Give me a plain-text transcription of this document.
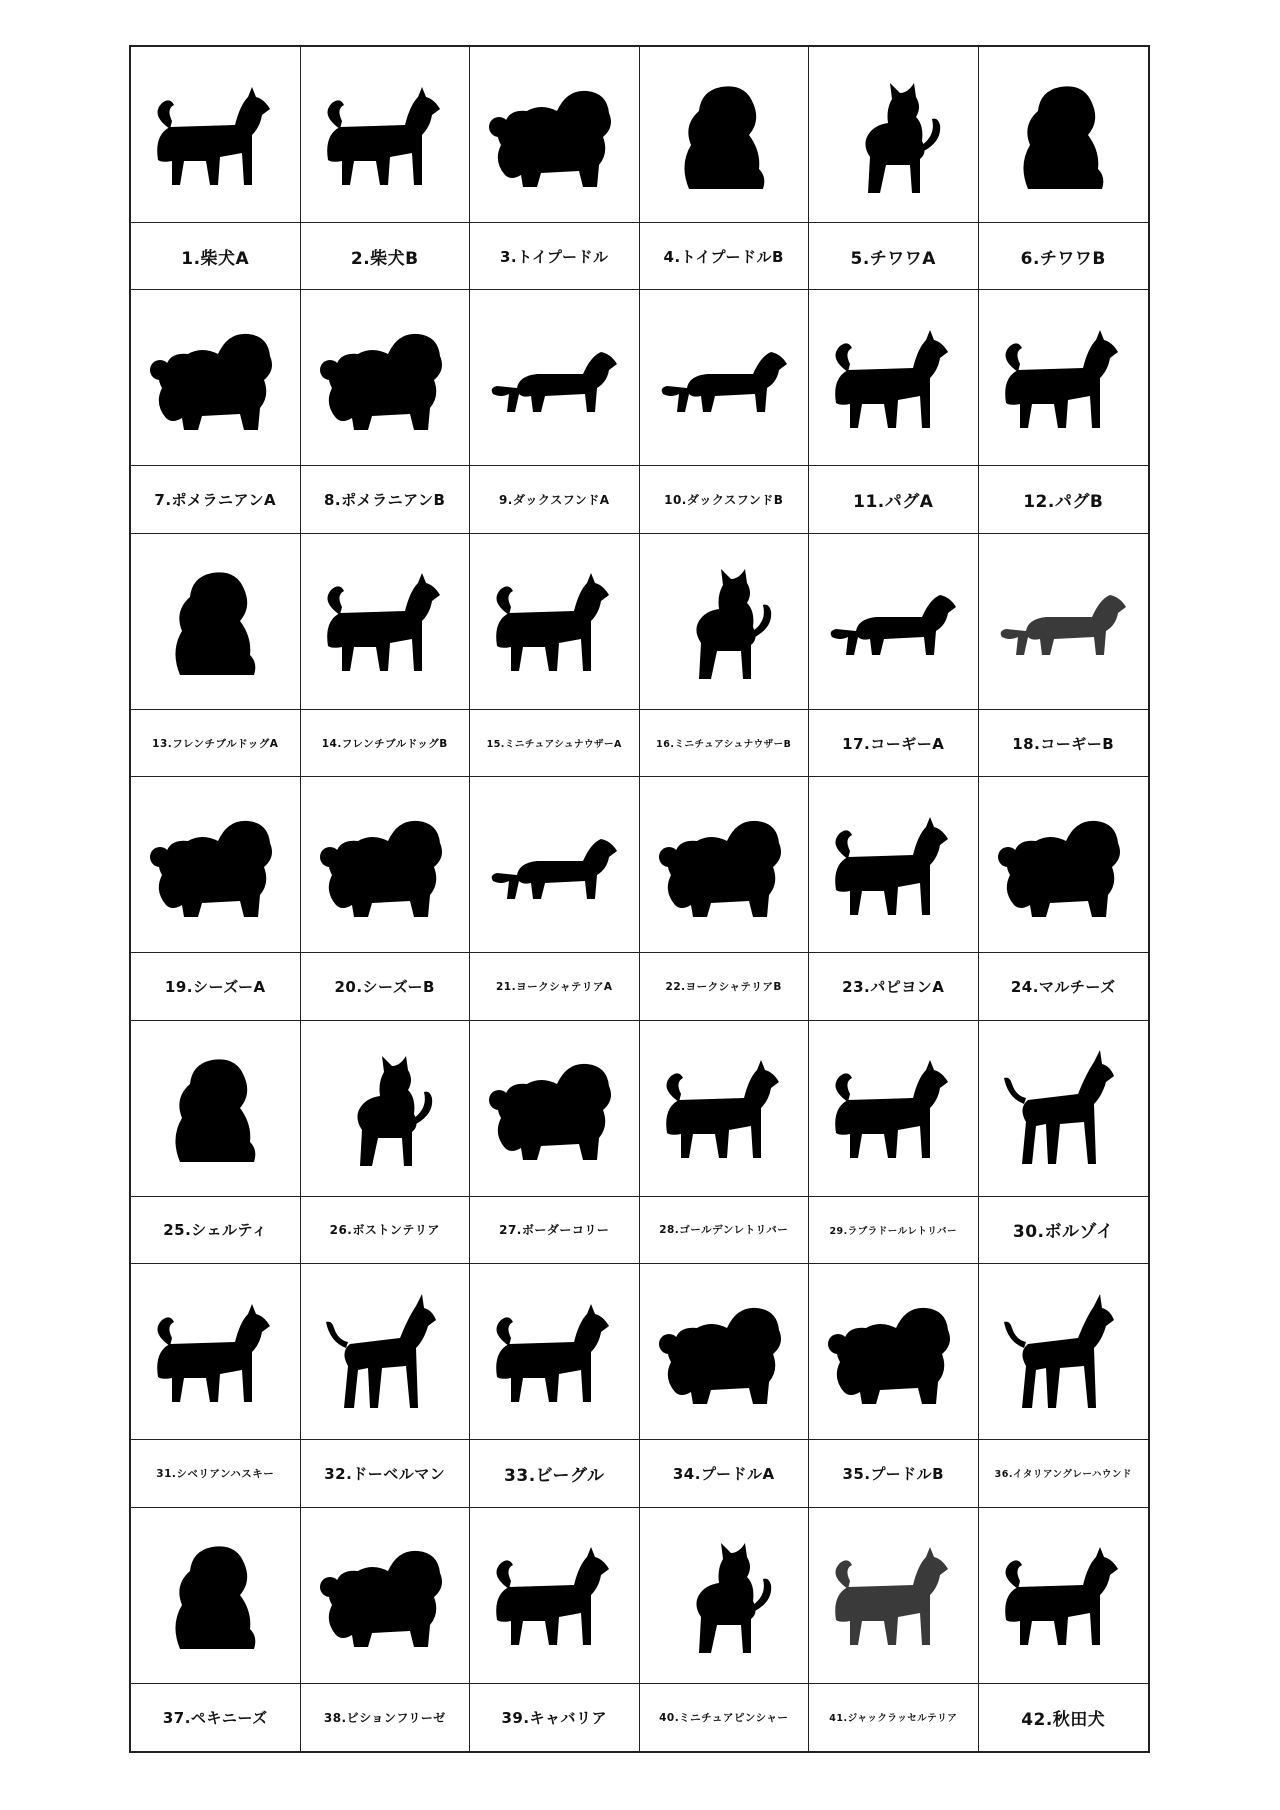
1.柴犬A	2.柴犬B	3.トイプードル	4.トイプードルB	5.チワワA	6.チワワB
7.ポメラニアンA	8.ポメラニアンB	9.ダックスフンドA	10.ダックスフンドB	11.パグA	12.パグB
13.フレンチブルドッグA	14.フレンチブルドッグB	15.ミニチュアシュナウザーA	16.ミニチュアシュナウザーB	17.コーギーA	18.コーギーB
19.シーズーA	20.シーズーB	21.ヨークシャテリアA	22.ヨークシャテリアB	23.パピヨンA	24.マルチーズ
25.シェルティ	26.ボストンテリア	27.ボーダーコリー	28.ゴールデンレトリバー	29.ラブラドールレトリバー	30.ボルゾイ
31.シベリアンハスキー	32.ドーベルマン	33.ビーグル	34.プードルA	35.プードルB	36.イタリアングレーハウンド
37.ペキニーズ	38.ビションフリーゼ	39.キャバリア	40.ミニチュアピンシャー	41.ジャックラッセルテリア	42.秋田犬
